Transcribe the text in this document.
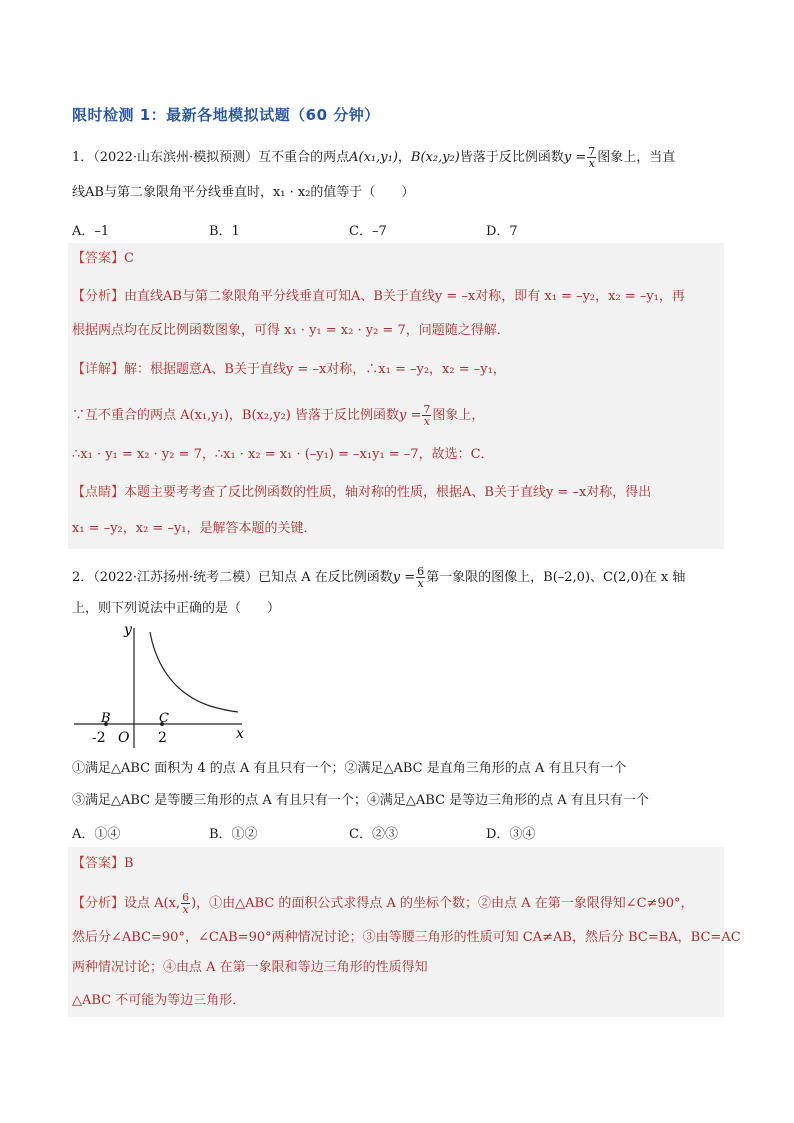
限时检测 1：最新各地模拟试题（60 分钟）
1．（2022·山东滨州·模拟预测）互不重合的两点A(x₁,y₁)，B(x₂,y₂)皆落于反比例函数$y = \frac{7}{x}$ 图象上，当直
线AB与第二象限角平分线垂直时，x₁ · x₂的值等于（　　）
A．–1	B．1	C．–7	D．7
【答案】C
【分析】由直线AB与第二象限角平分线垂直可知A、B关于直线y = –x对称，即有 x₁ = –y₂，x₂ = –y₁，再
根据两点均在反比例函数图象，可得 x₁ · y₁ = x₂ · y₂ = 7，问题随之得解．
【详解】解：根据题意A、B关于直线y = –x对称，∴x₁ = –y₂，x₂ = –y₁，
∵互不重合的两点 A(x₁,y₁)，B(x₂,y₂) 皆落于反比例函数$y = \frac{7}{x}$ 图象上，
∴x₁ · y₁ = x₂ · y₂ = 7，∴x₁ · x₂ = x₁ · (–y₁) = –x₁y₁ = –7，故选：C．
【点睛】本题主要考考查了反比例函数的性质，轴对称的性质，根据A、B关于直线y = –x对称，得出
x₁ = –y₂，x₂ = –y₁，是解答本题的关键．
2．（2022·江苏扬州·统考二模）已知点 A 在反比例函数$y = \frac{6}{x}$ 第一象限的图像上，B(–2,0)、C(2,0)在 x 轴
上，则下列说法中正确的是（　　）
y
x
O
B	C
-2	2
①满足△ABC 面积为 4 的点 A 有且只有一个；②满足△ABC 是直角三角形的点 A 有且只有一个
③满足△ABC 是等腰三角形的点 A 有且只有一个；④满足△ABC 是等边三角形的点 A 有且只有一个
A．①④	B．①②	C．②③	D．③④
【答案】B
【分析】设点 A(x, $\frac{6}{x}$ )，①由△ABC 的面积公式求得点 A 的坐标个数；②由点 A 在第一象限得知∠C≠90°，
然后分∠ABC=90°，∠CAB=90°两种情况讨论；③由等腰三角形的性质可知 CA≠AB，然后分 BC=BA，BC=AC
两种情况讨论；④由点 A 在第一象限和等边三角形的性质得知
△ABC 不可能为等边三角形．
